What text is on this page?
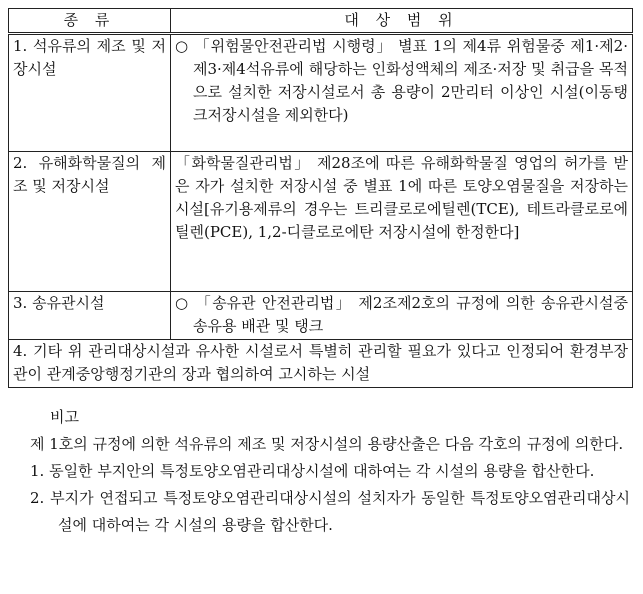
종 류	대 상 범 위
1. 석유류의 제조 및 저장시설	○ 「위험물안전관리법 시행령」 별표 1의 제4류 위험물중 제1·제2·제3·제4석유류에 해당하는 인화성액체의 제조·저장 및 취급을 목적으로 설치한 저장시설로서 총 용량이 2만리터 이상인 시설(이동탱크저장시설을 제외한다)

2. 유해화학물질의 제조 및 저장시설	「화학물질관리법」 제28조에 따른 유해화학물질 영업의 허가를 받은 자가 설치한 저장시설 중 별표 1에 따른 토양오염물질을 저장하는 시설[유기용제류의 경우는 트리클로로에틸렌(TCE), 테트라클로로에틸렌(PCE), 1,2-디클로로에탄 저장시설에 한정한다]
3. 송유관시설	○ 「송유관 안전관리법」 제2조제2호의 규정에 의한 송유관시설중 송유용 배관 및 탱크

4. 기타 위 관리대상시설과 유사한 시설로서 특별히 관리할 필요가 있다고 인정되어 환경부장관이 관계중앙행정기관의 장과 협의하여 고시하는 시설	
비고
제 1호의 규정에 의한 석유류의 제조 및 저장시설의 용량산출은 다음 각호의 규정에 의한다.
1. 동일한 부지안의 특정토양오염관리대상시설에 대하여는 각 시설의 용량을 합산한다.
2. 부지가 연접되고 특정토양오염관리대상시설의 설치자가 동일한 특정토양오염관리대상시설에 대하여는 각 시설의 용량을 합산한다.
